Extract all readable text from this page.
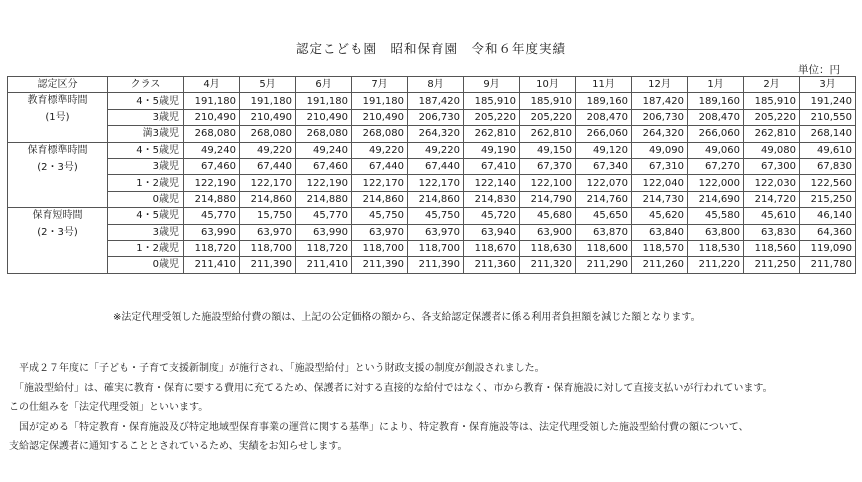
認定こども園　昭和保育園　令和６年度実績
単位：円
認定区分	クラス	4月	5月	6月	7月	8月	9月	10月	11月	12月	1月	2月	3月

教育標準時間
(1号)	4・5歳児	191,180	191,180	191,180	191,180	187,420	185,910	185,910	189,160	187,420	189,160	185,910	191,240
	3歳児	210,490	210,490	210,490	210,490	206,730	205,220	205,220	208,470	206,730	208,470	205,220	210,550
	満3歳児	268,080	268,080	268,080	268,080	264,320	262,810	262,810	266,060	264,320	266,060	262,810	268,140

保育標準時間
(2・3号)	4・5歳児	49,240	49,220	49,240	49,220	49,220	49,190	49,150	49,120	49,090	49,060	49,080	49,610
	3歳児	67,460	67,440	67,460	67,440	67,440	67,410	67,370	67,340	67,310	67,270	67,300	67,830
	1・2歳児	122,190	122,170	122,190	122,170	122,170	122,140	122,100	122,070	122,040	122,000	122,030	122,560
	0歳児	214,880	214,860	214,880	214,860	214,860	214,830	214,790	214,760	214,730	214,690	214,720	215,250

保育短時間
(2・3号)	4・5歳児	45,770	15,750	45,770	45,750	45,750	45,720	45,680	45,650	45,620	45,580	45,610	46,140
	3歳児	63,990	63,970	63,990	63,970	63,970	63,940	63,900	63,870	63,840	63,800	63,830	64,360
	1・2歳児	118,720	118,700	118,720	118,700	118,700	118,670	118,630	118,600	118,570	118,530	118,560	119,090
	0歳児	211,410	211,390	211,410	211,390	211,390	211,360	211,320	211,290	211,260	211,220	211,250	211,780
※法定代理受領した施設型給付費の額は、上記の公定価格の額から、各支給認定保護者に係る利用者負担額を減じた額となります。
　平成２７年度に「子ども・子育て支援新制度」が施行され、「施設型給付」という財政支援の制度が創設されました。
　「施設型給付」は、確実に教育・保育に要する費用に充てるため、保護者に対する直接的な給付ではなく、市から教育・保育施設に対して直接支払いが行われています。
この仕組みを「法定代理受領」といいます。
　国が定める「特定教育・保育施設及び特定地域型保育事業の運営に関する基準」により、特定教育・保育施設等は、法定代理受領した施設型給付費の額について、
支給認定保護者に通知することとされているため、実績をお知らせします。
